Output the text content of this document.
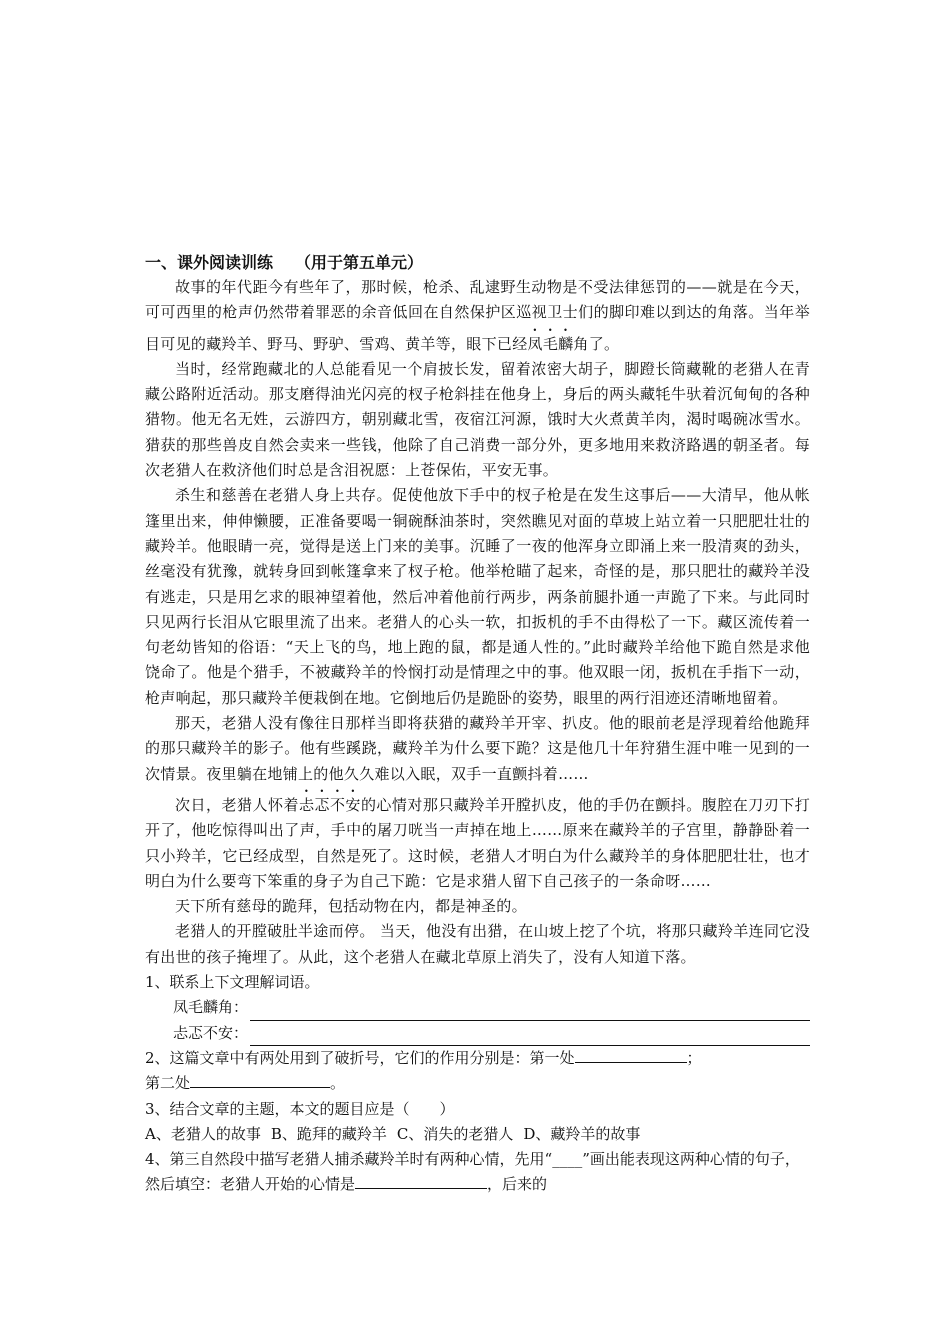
一、课外阅读训练 （用于第五单元）

故事的年代距今有些年了，那时候，枪杀、乱逮野生动物是不受法律惩罚的——就是在今天，可可西里的枪声仍然带着罪恶的余音低回在自然保护区巡视卫士们的脚印难以到达的角落。当年举目可见的藏羚羊、野马、野驴、雪鸡、黄羊等，眼下已经凤毛麟角了。

当时，经常跑藏北的人总能看见一个肩披长发，留着浓密大胡子，脚蹬长筒藏靴的老猎人在青藏公路附近活动。那支磨得油光闪亮的杈子枪斜挂在他身上，身后的两头藏牦牛驮着沉甸甸的各种猎物。他无名无姓，云游四方，朝别藏北雪，夜宿江河源，饿时大火煮黄羊肉，渴时喝碗冰雪水。猎获的那些兽皮自然会卖来一些钱，他除了自己消费一部分外，更多地用来救济路遇的朝圣者。每次老猎人在救济他们时总是含泪祝愿：上苍保佑，平安无事。

杀生和慈善在老猎人身上共存。促使他放下手中的杈子枪是在发生这事后——大清早，他从帐篷里出来，伸伸懒腰，正准备要喝一铜碗酥油茶时，突然瞧见对面的草坡上站立着一只肥肥壮壮的藏羚羊。他眼睛一亮，觉得是送上门来的美事。沉睡了一夜的他浑身立即涌上来一股清爽的劲头，丝毫没有犹豫，就转身回到帐篷拿来了杈子枪。他举枪瞄了起来，奇怪的是，那只肥壮的藏羚羊没有逃走，只是用乞求的眼神望着他，然后冲着他前行两步，两条前腿扑通一声跪了下来。与此同时只见两行长泪从它眼里流了出来。老猎人的心头一软，扣扳机的手不由得松了一下。藏区流传着一句老幼皆知的俗语：“天上飞的鸟，地上跑的鼠，都是通人性的。”此时藏羚羊给他下跪自然是求他饶命了。他是个猎手，不被藏羚羊的怜悯打动是情理之中的事。他双眼一闭，扳机在手指下一动，枪声响起，那只藏羚羊便栽倒在地。它倒地后仍是跪卧的姿势，眼里的两行泪迹还清晰地留着。

那天，老猎人没有像往日那样当即将获猎的藏羚羊开宰、扒皮。他的眼前老是浮现着给他跪拜的那只藏羚羊的影子。他有些蹊跷，藏羚羊为什么要下跪？这是他几十年狩猎生涯中唯一见到的一次情景。夜里躺在地铺上的他久久难以入眠，双手一直颤抖着……

次日，老猎人怀着忐忑不安的心情对那只藏羚羊开膛扒皮，他的手仍在颤抖。腹腔在刀刃下打开了，他吃惊得叫出了声，手中的屠刀咣当一声掉在地上……原来在藏羚羊的子宫里，静静卧着一只小羚羊，它已经成型，自然是死了。这时候，老猎人才明白为什么藏羚羊的身体肥肥壮壮，也才明白为什么要弯下笨重的身子为自己下跪：它是求猎人留下自己孩子的一条命呀……

天下所有慈母的跪拜，包括动物在内，都是神圣的。

老猎人的开膛破肚半途而停。 当天，他没有出猎，在山坡上挖了个坑，将那只藏羚羊连同它没有出世的孩子掩埋了。从此，这个老猎人在藏北草原上消失了，没有人知道下落。

1、联系上下文理解词语。

凤毛麟角：
忐忑不安：

2、这篇文章中有两处用到了破折号，它们的作用分别是：第一处	；
第二处	。

3、结合文章的主题，本文的题目应是（　　）

A、老猎人的故事 B、跪拜的藏羚羊 C、消失的老猎人 D、藏羚羊的故事

4、第三自然段中描写老猎人捕杀藏羚羊时有两种心情，先用“____”画出能表现这两种心情的句子，然后填空：老猎人开始的心情是	，后来的
